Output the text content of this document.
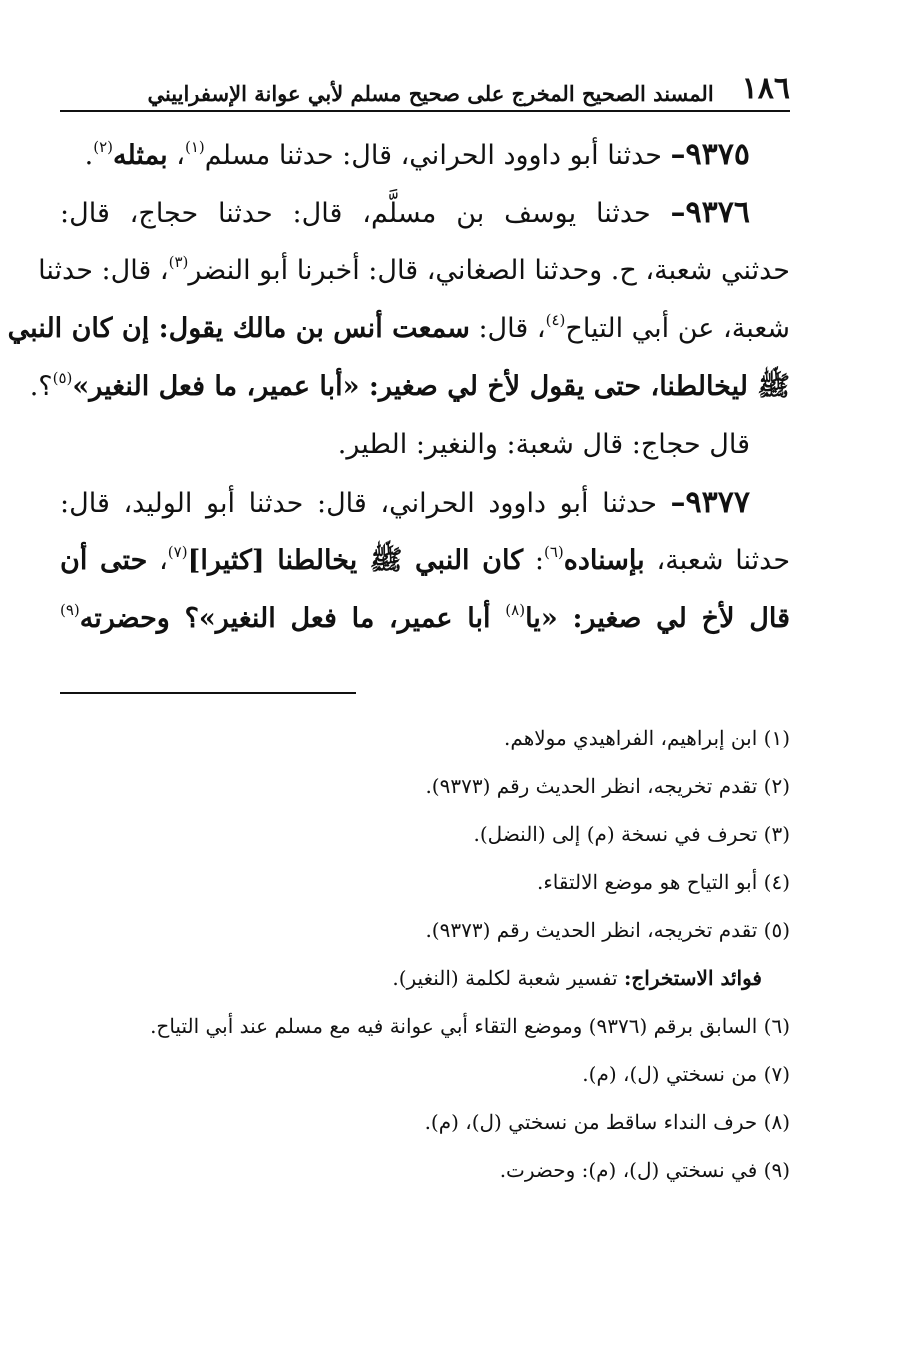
١٨٦
المسند الصحيح المخرج على صحيح مسلم لأبي عوانة الإسفراييني
٩٣٧٥– حدثنا أبو داوود الحراني، قال: حدثنا مسلم$^{(١)}$، بمثله$^{(٢)}$.
٩٣٧٦– حدثنا يوسف بن مسلَّم، قال: حدثنا حجاج، قال:
حدثني شعبة، ح. وحدثنا الصغاني، قال: أخبرنا أبو النضر$^{(٣)}$، قال: حدثنا
شعبة، عن أبي التياح$^{(٤)}$، قال: سمعت أنس بن مالك يقول: إن كان النبي
ﷺ ليخالطنا، حتى يقول لأخ لي صغير: «أبا عمير، ما فعل النغير»$^{(٥)}$؟.
قال حجاج: قال شعبة: والنغير: الطير.
٩٣٧٧– حدثنا أبو داوود الحراني، قال: حدثنا أبو الوليد، قال:
حدثنا شعبة، بإسناده$^{(٦)}$: كان النبي ﷺ يخالطنا [كثيرا]$^{(٧)}$، حتى أن
قال لأخ لي صغير: «يا$^{(٨)}$ أبا عمير، ما فعل النغير»؟ وحضرته$^{(٩)}$
(١) ابن إبراهيم، الفراهيدي مولاهم.
(٢) تقدم تخريجه، انظر الحديث رقم (٩٣٧٣).
(٣) تحرف في نسخة (م) إلى (النضل).
(٤) أبو التياح هو موضع الالتقاء.
(٥) تقدم تخريجه، انظر الحديث رقم (٩٣٧٣).
فوائد الاستخراج: تفسير شعبة لكلمة (النغير).
(٦) السابق برقم (٩٣٧٦) وموضع التقاء أبي عوانة فيه مع مسلم عند أبي التياح.
(٧) من نسختي (ل)، (م).
(٨) حرف النداء ساقط من نسختي (ل)، (م).
(٩) في نسختي (ل)، (م): وحضرت.
